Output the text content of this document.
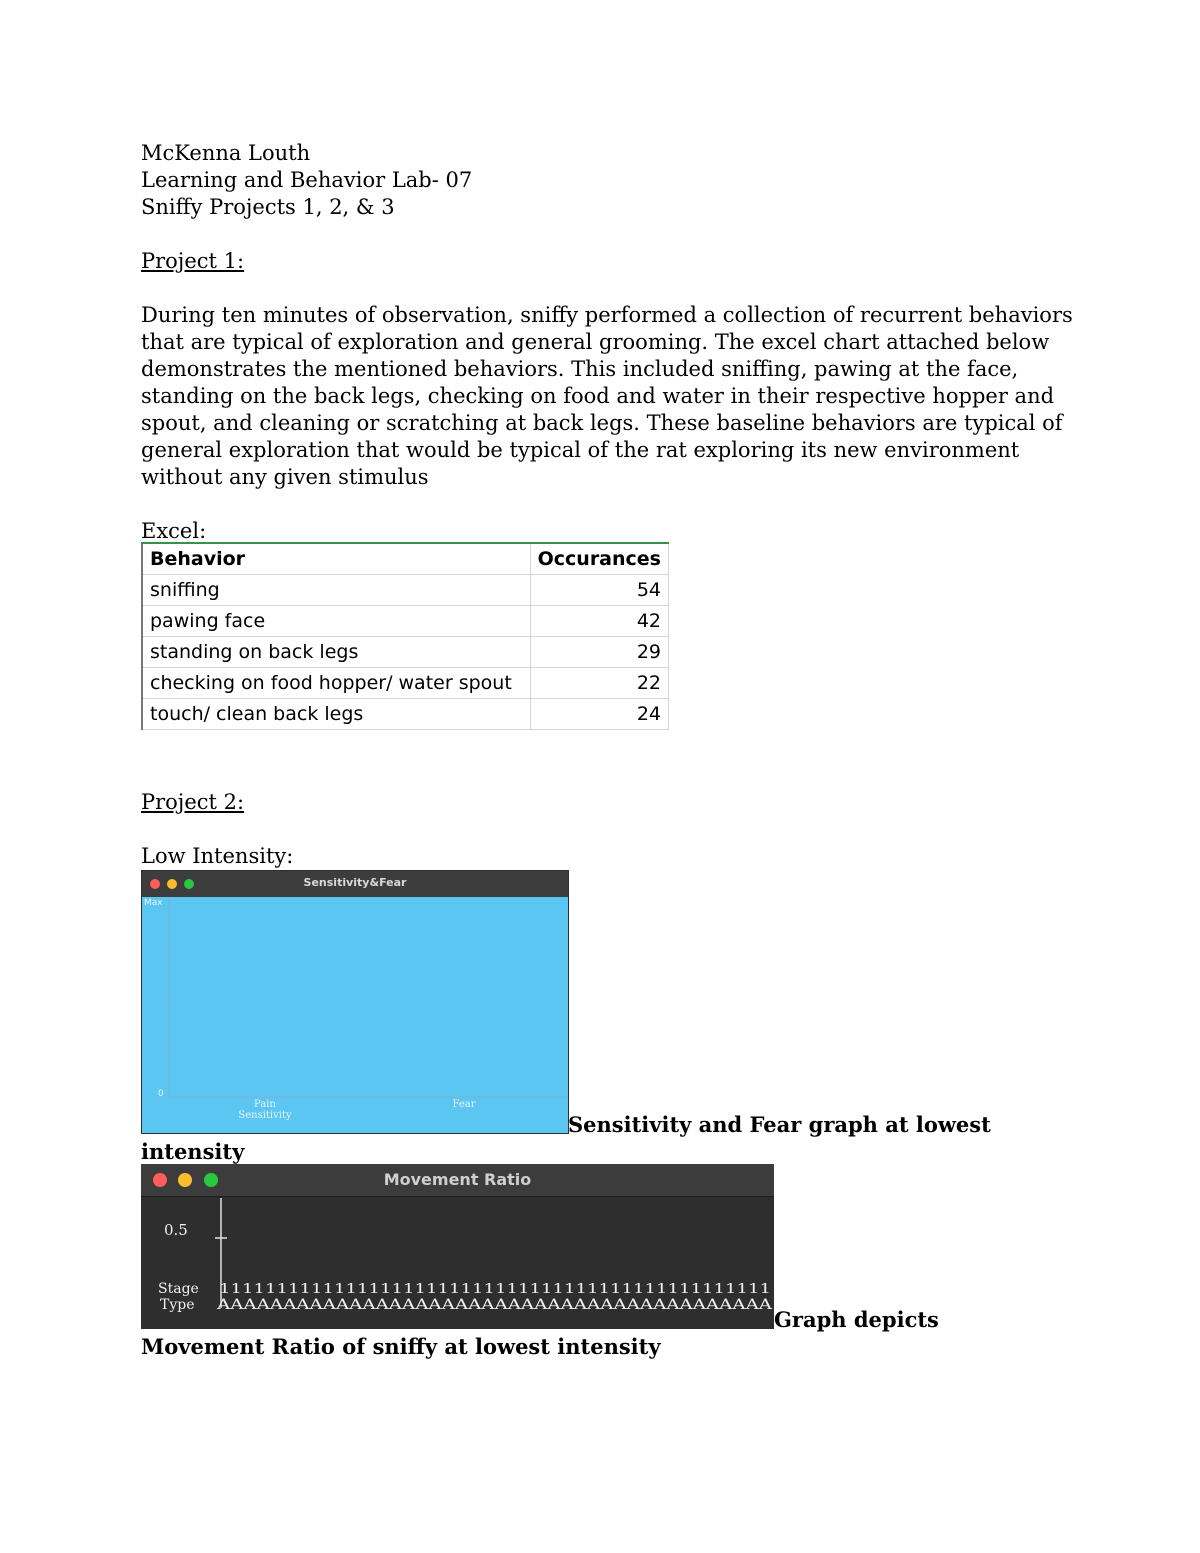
McKenna Louth
Learning and Behavior Lab- 07
Sniffy Projects 1, 2, & 3
Project 1:
During ten minutes of observation, sniffy performed a collection of recurrent behaviors
that are typical of exploration and general grooming. The excel chart attached below
demonstrates the mentioned behaviors. This included sniffing, pawing at the face,
standing on the back legs, checking on food and water in their respective hopper and
spout, and cleaning or scratching at back legs. These baseline behaviors are typical of
general exploration that would be typical of the rat exploring its new environment
without any given stimulus
Excel:
Behavior	Occurances
sniffing	54
pawing face	42
standing on back legs	29
checking on food hopper/ water spout	22
touch/ clean back legs	24
Project 2:
Low Intensity:
Sensitivity&Fear
Max
0
Pain
Sensitivity
Fear
Sensitivity and Fear graph at lowest
intensity
Movement Ratio
0.5
Stage
Type
111111111111111111111111111111111111111111111111
AAAAAAAAAAAAAAAAAAAAAAAAAAAAAAAAAAAAAAAAAA
Graph depicts
Movement Ratio of sniffy at lowest intensity
